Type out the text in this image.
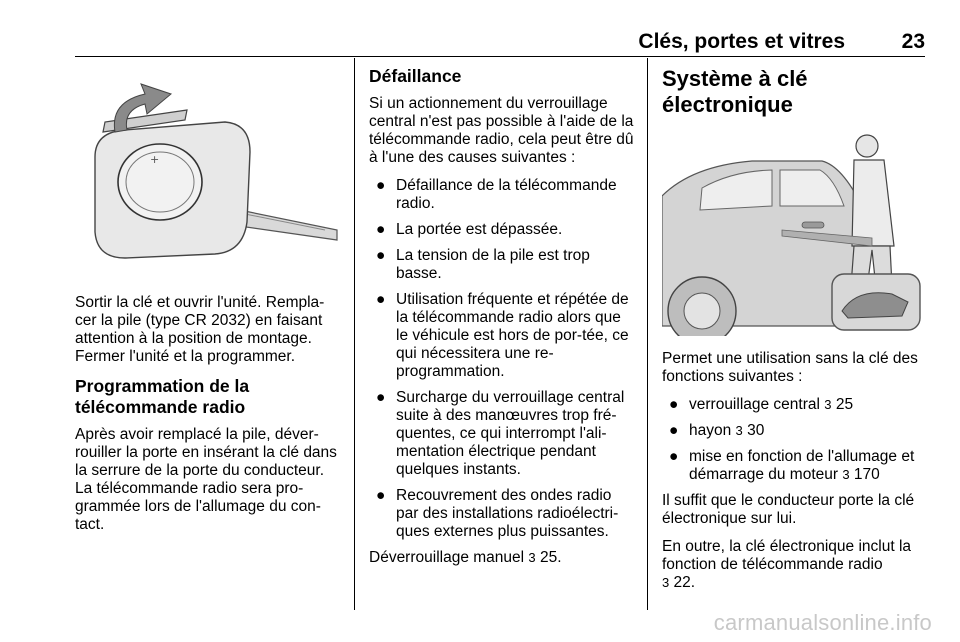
Clés, portes et vitres	23
+

Sortir la clé et ouvrir l'unité. Rempla-cer la pile (type CR 2032) en faisant attention à la position de montage. Fermer l'unité et la programmer.

Programmation de la télécommande radio

Après avoir remplacé la pile, déver-rouiller la porte en insérant la clé dans la serrure de la porte du conducteur. La télécommande radio sera pro-grammée lors de l'allumage du con-tact.

Défaillance

Si un actionnement du verrouillage central n'est pas possible à l'aide de la télécommande radio, cela peut être dû à l'une des causes suivantes :

● Défaillance de la télécommande radio.
● La portée est dépassée.
● La tension de la pile est trop basse.
● Utilisation fréquente et répétée de la télécommande radio alors que le véhicule est hors de por-tée, ce qui nécessitera une re-programmation.
● Surcharge du verrouillage central suite à des manœuvres trop fré-quentes, ce qui interrompt l'ali-mentation électrique pendant quelques instants.
● Recouvrement des ondes radio par des installations radioélectri-ques externes plus puissantes.

Déverrouillage manuel 3 25.

Système à clé électronique

Permet une utilisation sans la clé des fonctions suivantes :

● verrouillage central 3 25
● hayon 3 30
● mise en fonction de l'allumage et démarrage du moteur 3 170

Il suffit que le conducteur porte la clé électronique sur lui.

En outre, la clé électronique inclut la fonction de télécommande radio
3 22.

carmanualsonline.info
